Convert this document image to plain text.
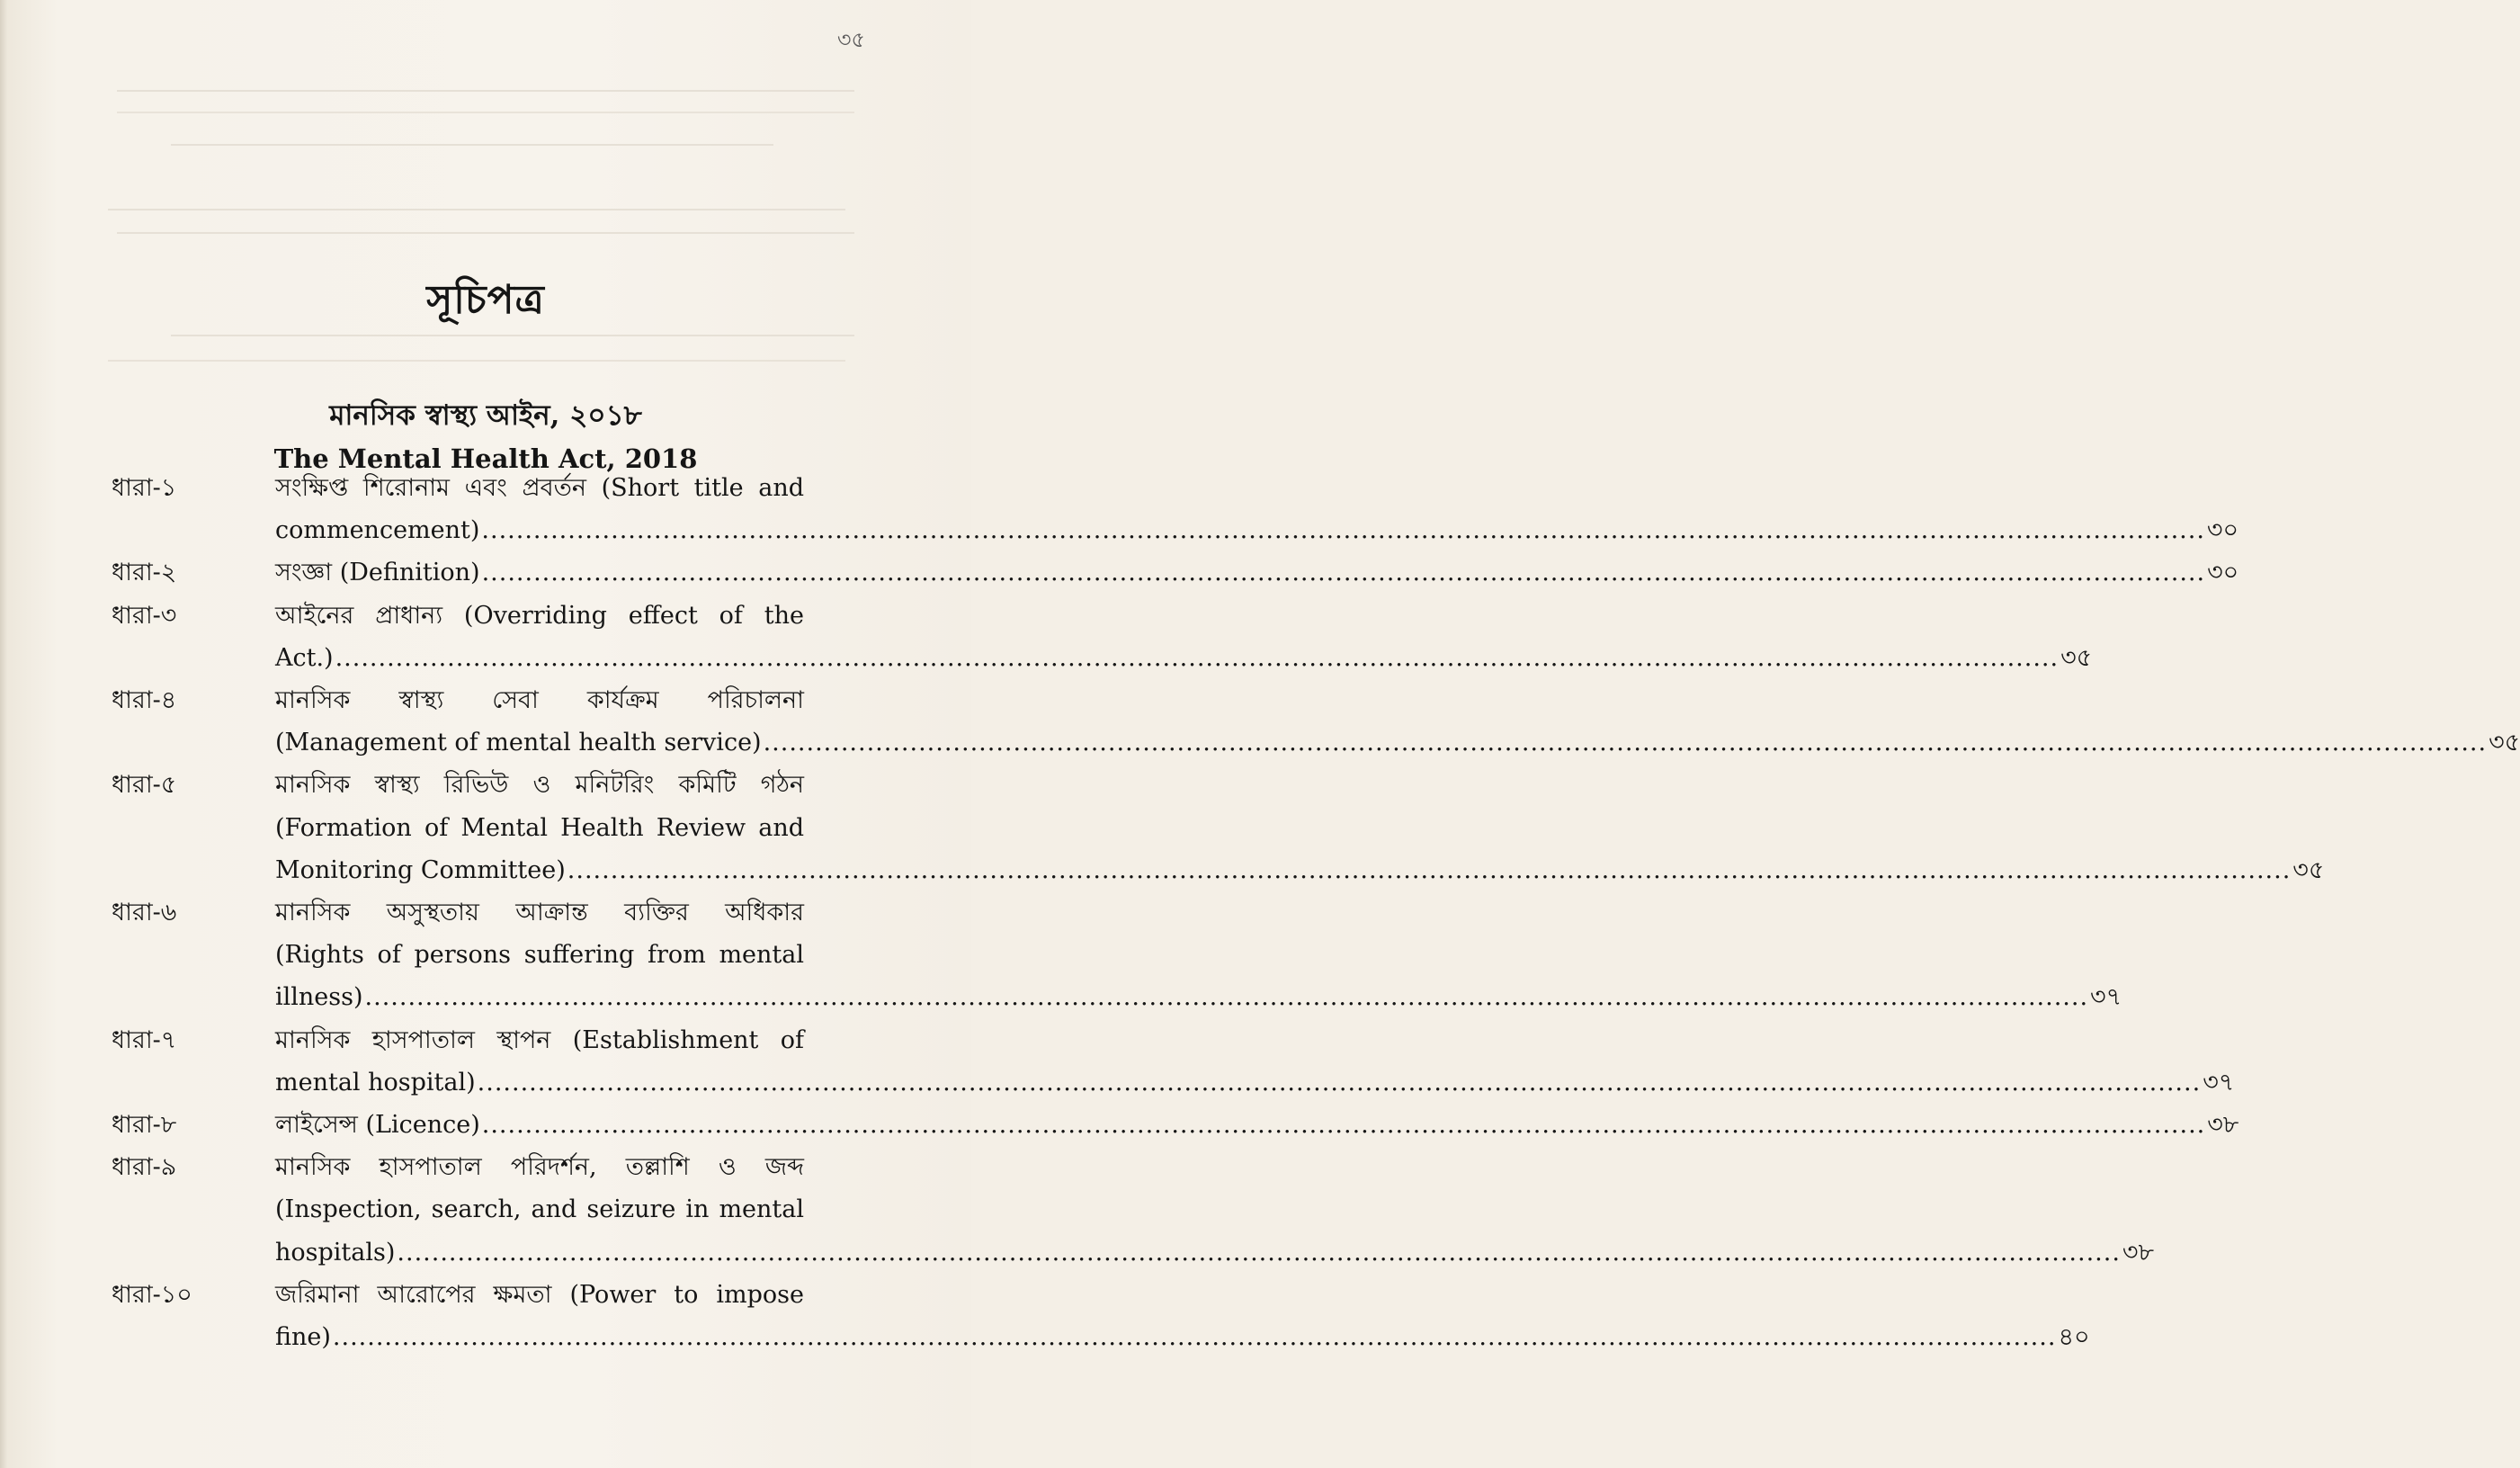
৩৫
সূচিপত্র
মানসিক স্বাস্থ্য আইন, ২০১৮
The Mental Health Act, 2018
ধারা-১	সংক্ষিপ্ত শিরোনাম এবং প্রবর্তন (Short title and
commencement) ........................................................................................................................................................................................................ ৩০
ধারা-২	সংজ্ঞা (Definition) ........................................................................................................................................................................................................ ৩০
ধারা-৩	আইনের প্রাধান্য (Overriding effect of the
Act.) ........................................................................................................................................................................................................ ৩৫
ধারা-৪	মানসিক স্বাস্থ্য সেবা কার্যক্রম পরিচালনা
(Management of mental health service) ........................................................................................................................................................................................................ ৩৫
ধারা-৫	মানসিক স্বাস্থ্য রিভিউ ও মনিটরিং কমিটি গঠন
(Formation of Mental Health Review and
Monitoring Committee) ........................................................................................................................................................................................................ ৩৫
ধারা-৬	মানসিক অসুস্থতায় আক্রান্ত ব্যক্তির অধিকার
(Rights of persons suffering from mental
illness) ........................................................................................................................................................................................................ ৩৭
ধারা-৭	মানসিক হাসপাতাল স্থাপন (Establishment of
mental hospital) ........................................................................................................................................................................................................ ৩৭
ধারা-৮	লাইসেন্স (Licence) ........................................................................................................................................................................................................ ৩৮
ধারা-৯	মানসিক হাসপাতাল পরিদর্শন, তল্লাশি ও জব্দ
(Inspection, search, and seizure in mental
hospitals) ........................................................................................................................................................................................................ ৩৮
ধারা-১০	জরিমানা আরোপের ক্ষমতা (Power to impose
fine) ........................................................................................................................................................................................................ ৪০
